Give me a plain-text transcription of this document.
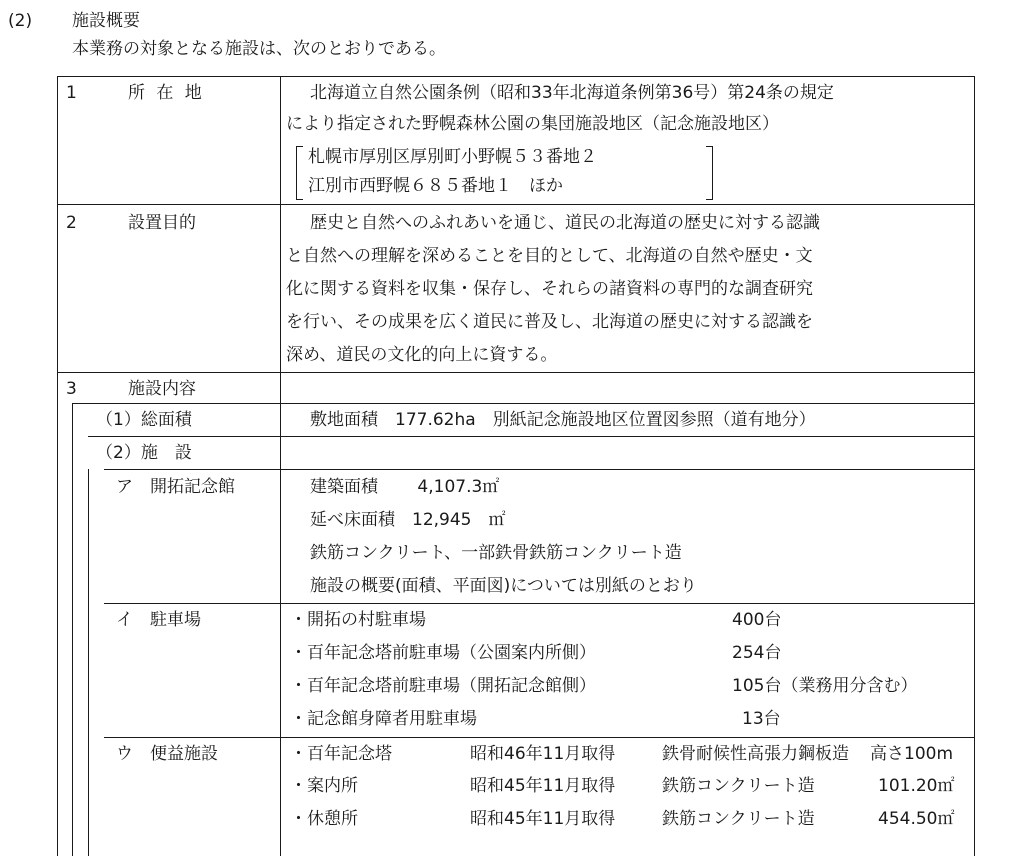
(2) 施設概要
本業務の対象となる施設は、次のとおりである。
1	所 在 地	北海道立自然公園条例（昭和33年北海道条例第36号）第24条の規定
により指定された野幌森林公園の集団施設地区（記念施設地区）
札幌市厚別区厚別町小野幌５３番地２
江別市西野幌６８５番地１　ほか
2	設置目的	歴史と自然へのふれあいを通じ、道民の北海道の歴史に対する認識
と自然への理解を深めることを目的として、北海道の自然や歴史・文
化に関する資料を収集・保存し、それらの諸資料の専門的な調査研究
を行い、その成果を広く道民に普及し、北海道の歴史に対する認識を
深め、道民の文化的向上に資する。
3	施設内容
（1）総面積	敷地面積　177.62ha　別紙記念施設地区位置図参照（道有地分）
（2）施　設
ア　開拓記念館	建築面積　　 4,107.3㎡
延べ床面積　12,945　㎡
鉄筋コンクリート、一部鉄骨鉄筋コンクリート造
施設の概要(面積、平面図)については別紙のとおり
イ　駐車場	・開拓の村駐車場	400台
・百年記念塔前駐車場（公園案内所側）	254台
・百年記念塔前駐車場（開拓記念館側）	105台（業務用分含む）
・記念館身障者用駐車場	13台
ウ　便益施設	・百年記念塔	昭和46年11月取得	鉄骨耐候性高張力鋼板造 高さ100m
・案内所	昭和45年11月取得	鉄筋コンクリート造	101.20㎡
・休憩所	昭和45年11月取得	鉄筋コンクリート造	454.50㎡
